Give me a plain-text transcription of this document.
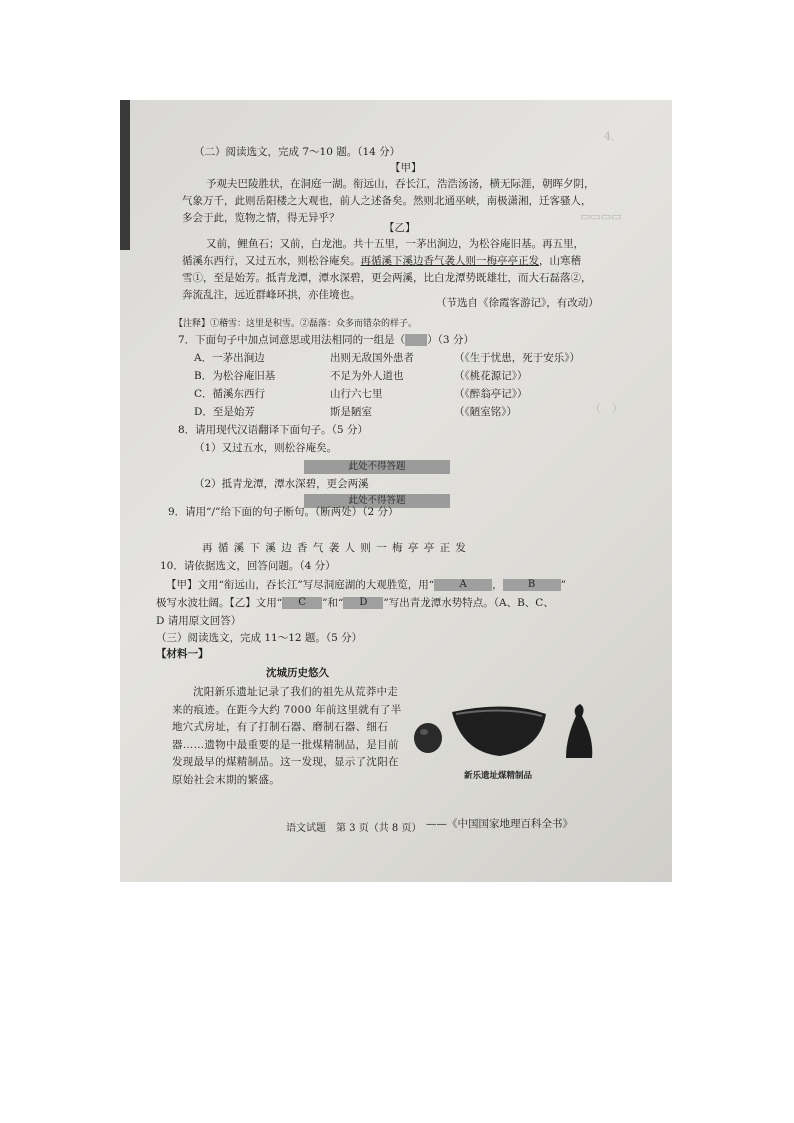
4．
▭▭▭▭
（　）
（二）阅读选文，完成 7～10 题。（14 分）
【甲】
予观夫巴陵胜状，在洞庭一湖。衔远山，吞长江，浩浩汤汤，横无际涯，朝晖夕阴，
气象万千，此则岳阳楼之大观也，前人之述备矣。然则北通巫峡，南极潇湘，迁客骚人，
多会于此，览物之情，得无异乎？
【乙】
又前，鲤鱼石；又前，白龙池。共十五里，一茅出涧边，为松谷庵旧基。再五里，
循溪东西行，又过五水，则松谷庵矣。再循溪下溪边香气袭人则一梅亭亭正发，山寒稽
雪①，至是始芳。抵青龙潭，潭水深碧，更会两溪，比白龙潭势既雄壮，而大石磊落②，
奔流乱注，远近群峰环拱，亦佳境也。
（节选自《徐霞客游记》，有改动）
【注释】①稽雪：这里是积雪。②磊落：众多而错杂的样子。
7．下面句子中加点词意思或用法相同的一组是（ ）（3 分）
A．一茅出涧边	出则无敌国外患者	（《生于忧患，死于安乐》）
B．为松谷庵旧基	不足为外人道也	（《桃花源记》）
C．循溪东西行	山行六七里	（《醉翁亭记》）
D．至是始芳	斯是陋室	（《陋室铭》）
8．请用现代汉语翻译下面句子。（5 分）
（1）又过五水，则松谷庵矣。
此处不得答题
（2）抵青龙潭，潭水深碧，更会两溪
此处不得答题
9．请用“/”给下面的句子断句。（断两处）（2 分）
再 循 溪 下 溪 边 香 气 袭 人 则 一 梅 亭 亭 正 发
10．请依据选文，回答问题。（4 分）
【甲】文用“衔远山，吞长江”写尽洞庭湖的大观胜览，用“	A ，	B ”
极写水波壮阔。【乙】文用“ C ”和“ D ”写出青龙潭水势特点。（A、B、C、
D 请用原文回答）
（三）阅读选文，完成 11～12 题。（5 分）
【材料一】
沈城历史悠久
沈阳新乐遗址记录了我们的祖先从荒莽中走来的痕迹。在距今大约 7000 年前这里就有了半地穴式房址，有了打制石器、磨制石器、细石器……遗物中最重要的是一批煤精制品，是目前发现最早的煤精制品。这一发现，显示了沈阳在原始社会末期的繁盛。	新乐遗址煤精制品
——《中国国家地理百科全书》
语文试题　第 3 页（共 8 页）
